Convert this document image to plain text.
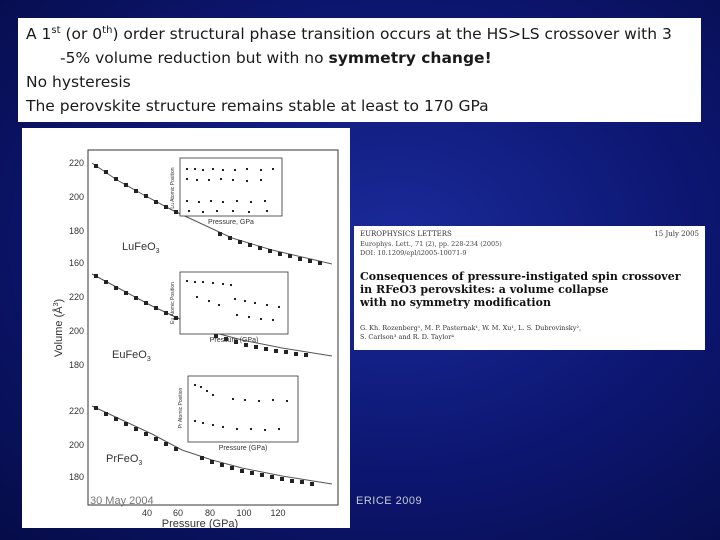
A 1st (or 0th) order structural phase transition occurs at the HS>LS crossover with 3
-5% volume reduction but with no symmetry change!
No hysteresis
The perovskite structure remains stable at least to 170 GPa
220
200
180
160
220
200
180
220
200
180
Volume $(Å^3)$
40 60 80 100 120
Pressure (GPa)
LuFeO$_3$
Lu Atomic Position
Pressure, GPa
EuFeO$_3$
Eu Atomic Position
Pressure (GPa)
PrFeO$_3$
Pr Atomic Position
Pressure (GPa)
EUROPHYSICS LETTERS	15 July 2005
Europhys. Lett., 71 (2), pp. 228-234 (2005)
DOI: 10.1209/epl/i2005-10071-9
Consequences of pressure-instigated spin crossover
in RFeO3 perovskites: a volume collapse
with no symmetry modification
G. Kh. Rozenberg¹, M. P. Pasternak¹, W. M. Xu¹, L. S. Dubrovinsky²,
S. Carlson³ and R. D. Taylor⁴
30 May 2004	ERICE 2009
